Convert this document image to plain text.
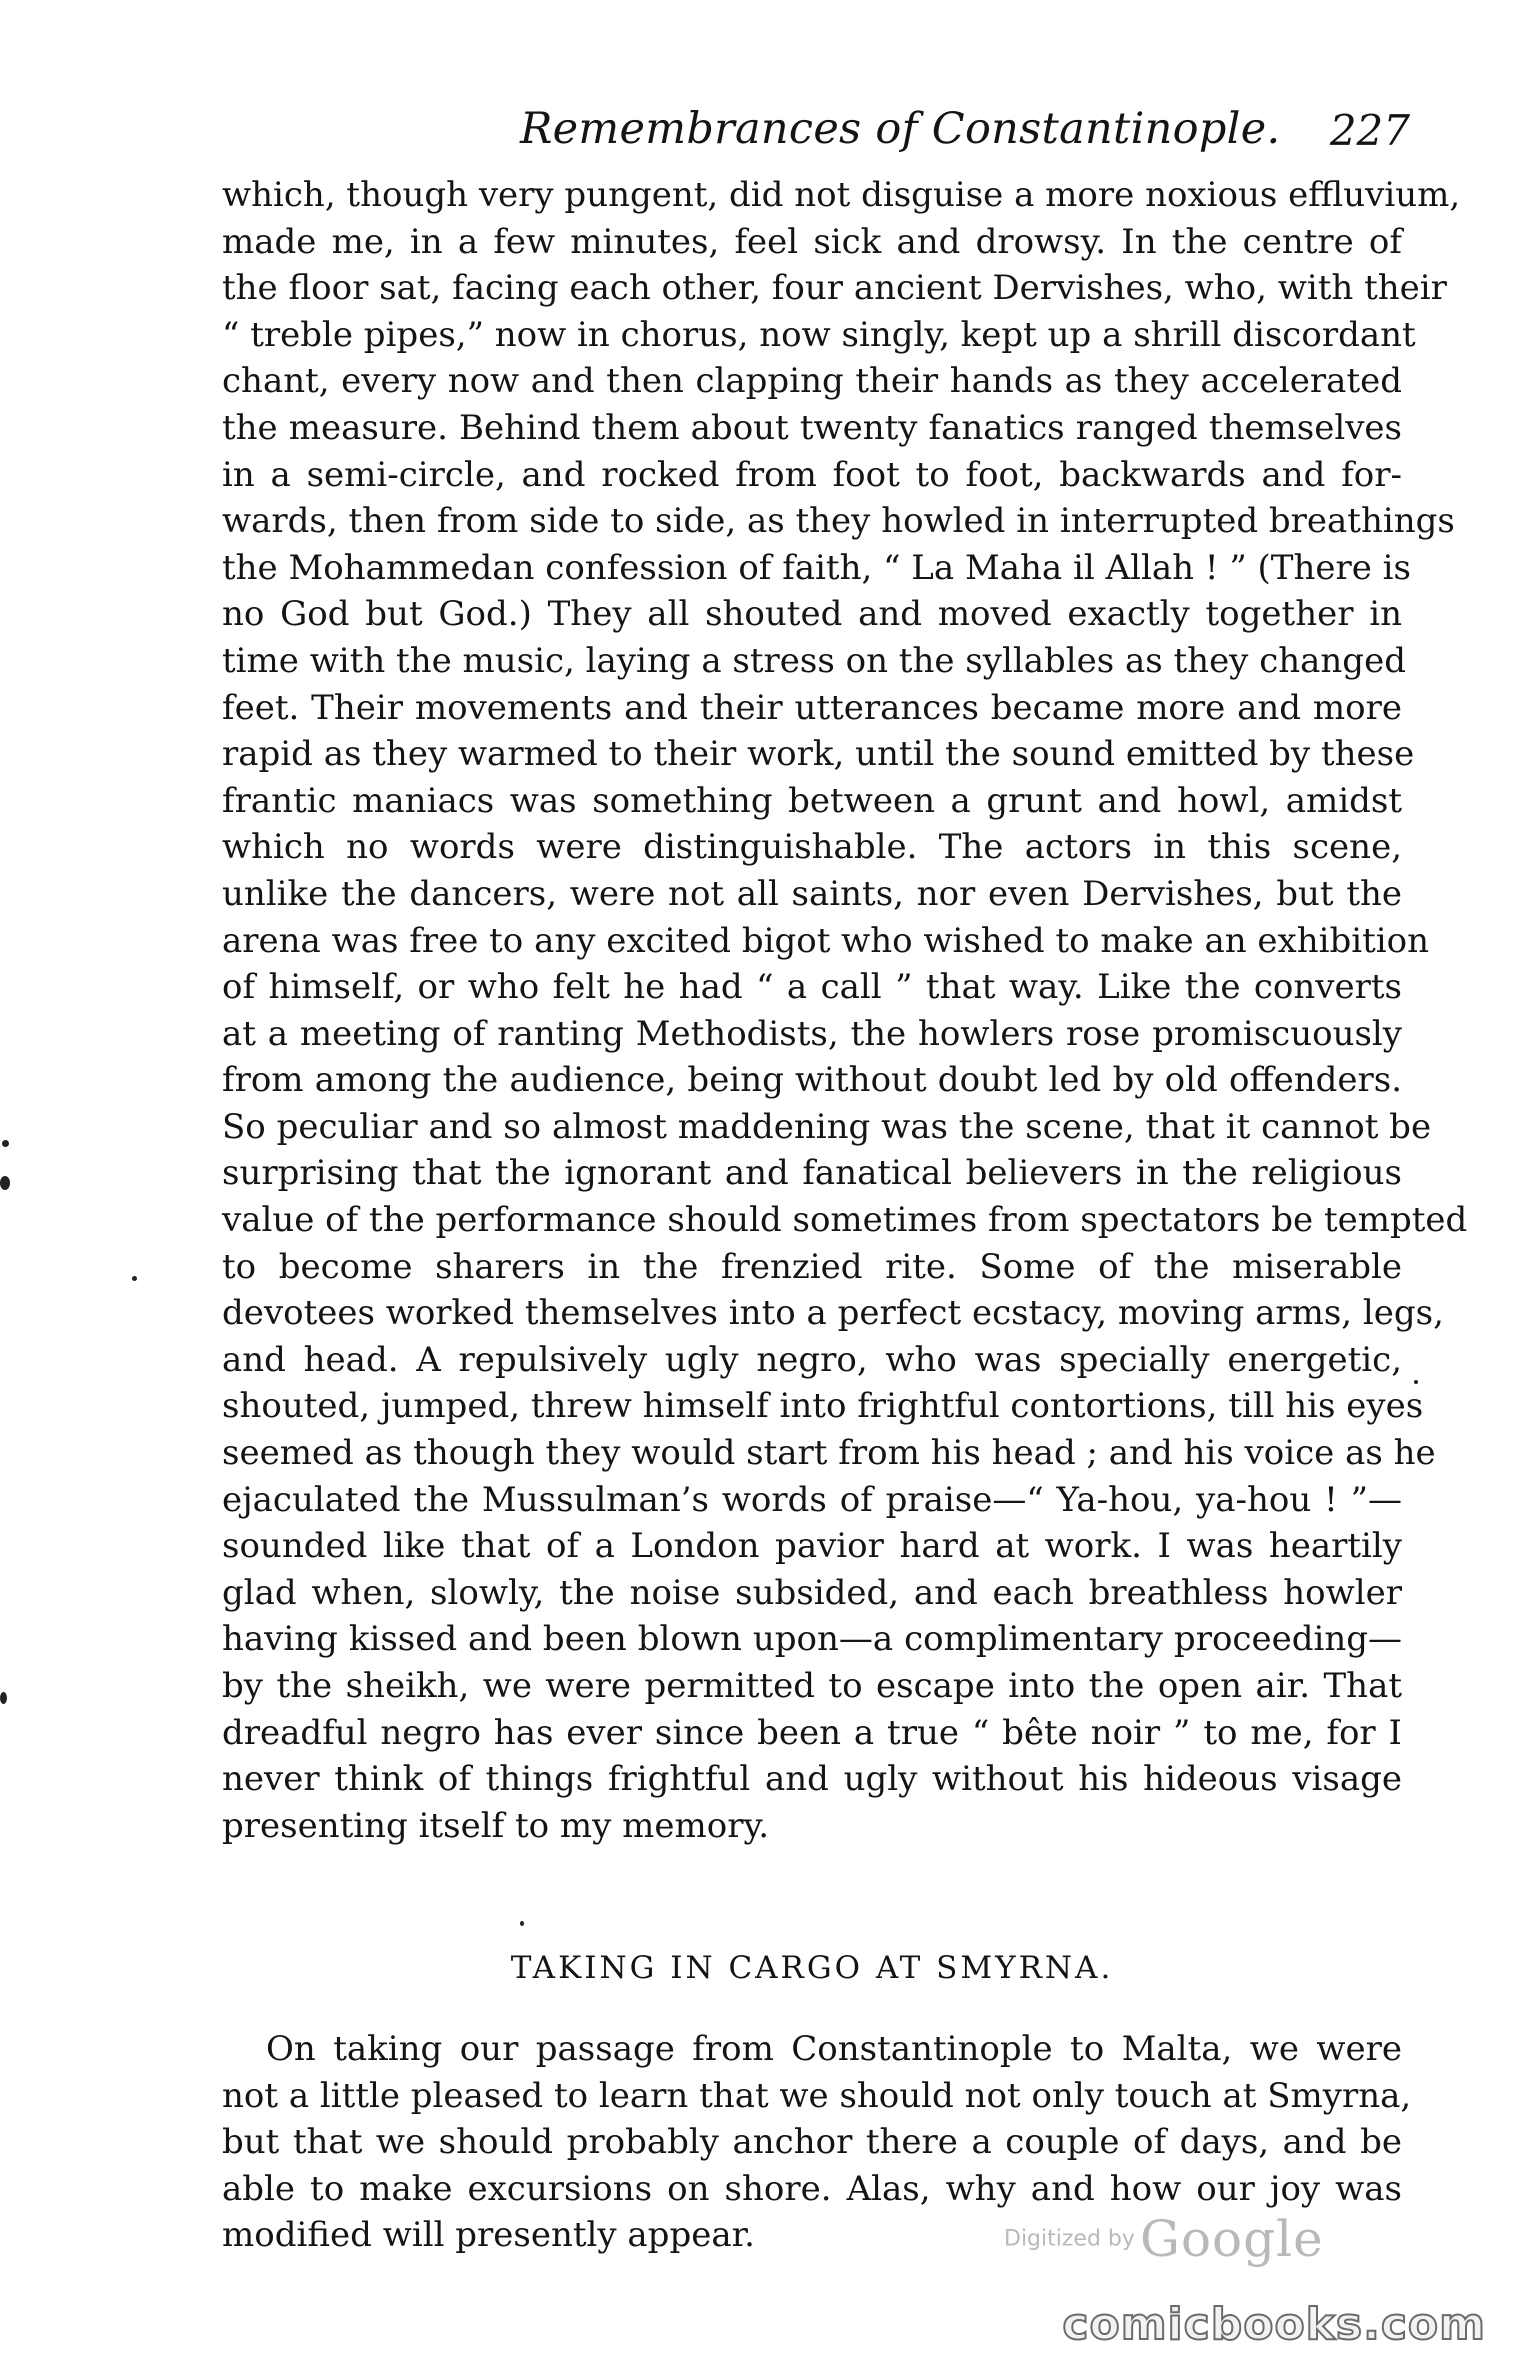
Remembrances of Constantinople. 227
which, though very pungent, did not disguise a more noxious effluvium,
made me, in a few minutes, feel sick and drowsy. In the centre of
the floor sat, facing each other, four ancient Dervishes, who, with their
“ treble pipes,” now in chorus, now singly, kept up a shrill discordant
chant, every now and then clapping their hands as they accelerated
the measure. Behind them about twenty fanatics ranged themselves
in a semi-circle, and rocked from foot to foot, backwards and for-
wards, then from side to side, as they howled in interrupted breathings
the Mohammedan confession of faith, “ La Maha il Allah ! ” (There is
no God but God.) They all shouted and moved exactly together in
time with the music, laying a stress on the syllables as they changed
feet. Their movements and their utterances became more and more
rapid as they warmed to their work, until the sound emitted by these
frantic maniacs was something between a grunt and howl, amidst
which no words were distinguishable. The actors in this scene,
unlike the dancers, were not all saints, nor even Dervishes, but the
arena was free to any excited bigot who wished to make an exhibition
of himself, or who felt he had “ a call ” that way. Like the converts
at a meeting of ranting Methodists, the howlers rose promiscuously
from among the audience, being without doubt led by old offenders.
So peculiar and so almost maddening was the scene, that it cannot be
surprising that the ignorant and fanatical believers in the religious
value of the performance should sometimes from spectators be tempted
to become sharers in the frenzied rite. Some of the miserable
devotees worked themselves into a perfect ecstacy, moving arms, legs,
and head. A repulsively ugly negro, who was specially energetic,
shouted, jumped, threw himself into frightful contortions, till his eyes
seemed as though they would start from his head ; and his voice as he
ejaculated the Mussulman’s words of praise—“ Ya-hou, ya-hou ! ”—
sounded like that of a London pavior hard at work. I was heartily
glad when, slowly, the noise subsided, and each breathless howler
having kissed and been blown upon—a complimentary proceeding—
by the sheikh, we were permitted to escape into the open air. That
dreadful negro has ever since been a true “ bête noir ” to me, for I
never think of things frightful and ugly without his hideous visage
presenting itself to my memory.
TAKING IN CARGO AT SMYRNA.
On taking our passage from Constantinople to Malta, we were
not a little pleased to learn that we should not only touch at Smyrna,
but that we should probably anchor there a couple of days, and be
able to make excursions on shore. Alas, why and how our joy was
modified will presently appear.	Digitized by Google
comicbooks.com
